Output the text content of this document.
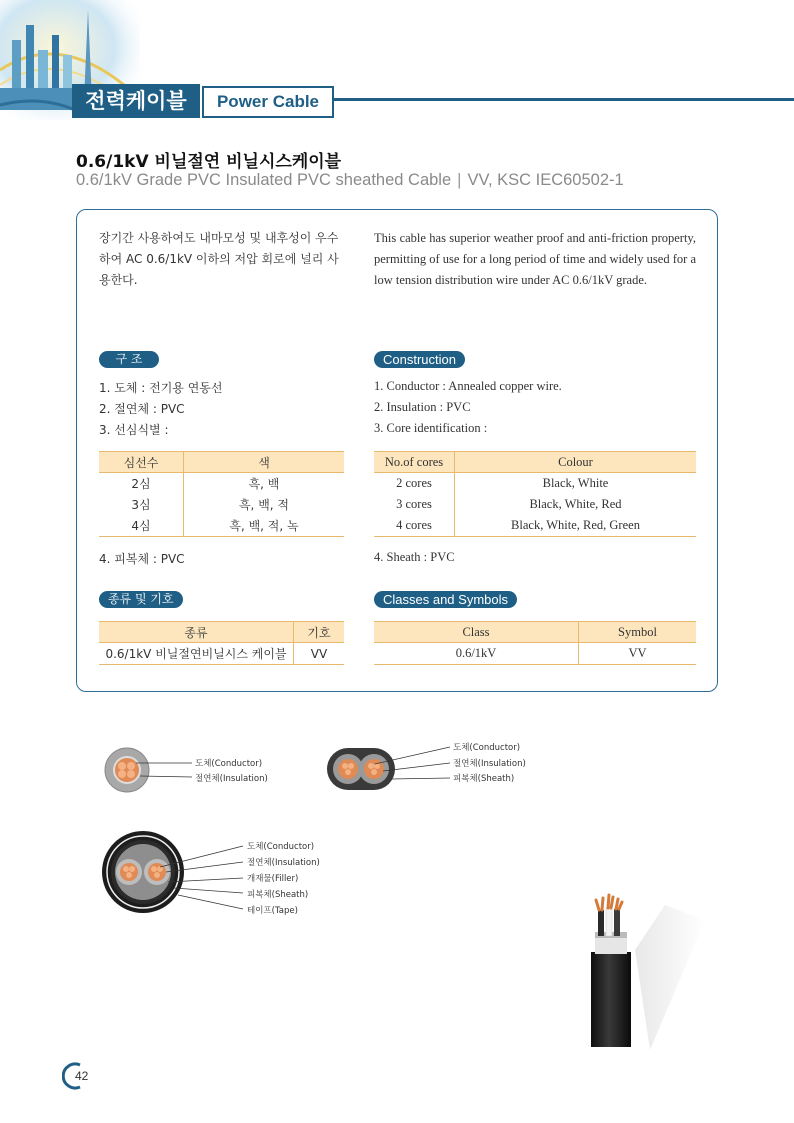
전력케이블	Power Cable
0.6/1kV 비닐절연 비닐시스케이블
0.6/1kV Grade PVC Insulated PVC sheathed Cable | VV, KSC IEC60502-1
장기간 사용하여도 내마모성 및 내후성이 우수하여 AC 0.6/1kV 이하의 저압 회로에 널리 사용한다.
This cable has superior weather proof and anti-friction property, permitting of use for a long period of time and widely used for a low tension distribution wire under AC 0.6/1kV grade.
구 조
1. 도체 : 전기용 연동선
2. 절연체 : PVC
3. 선심식별 :
심선수	색
2심	흑, 백
3심	흑, 백, 적
4심	흑, 백, 적, 녹
4. 피복체 : PVC
Construction
1. Conductor : Annealed copper wire.
2. Insulation : PVC
3. Core identification :
No.of cores	Colour
2 cores	Black, White
3 cores	Black, White, Red
4 cores	Black, White, Red, Green
4. Sheath : PVC
종류 및 기호	Classes and Symbols
종류	기호
0.6/1kV 비닐절연비닐시스 케이블	VV
Class	Symbol
0.6/1kV	VV
도체(Conductor)
절연체(Insulation)
도체(Conductor)
절연체(Insulation)
피복체(Sheath)
도체(Conductor)
절연체(Insulation)
개재물(Filler)
피복체(Sheath)
테이프(Tape)
42
